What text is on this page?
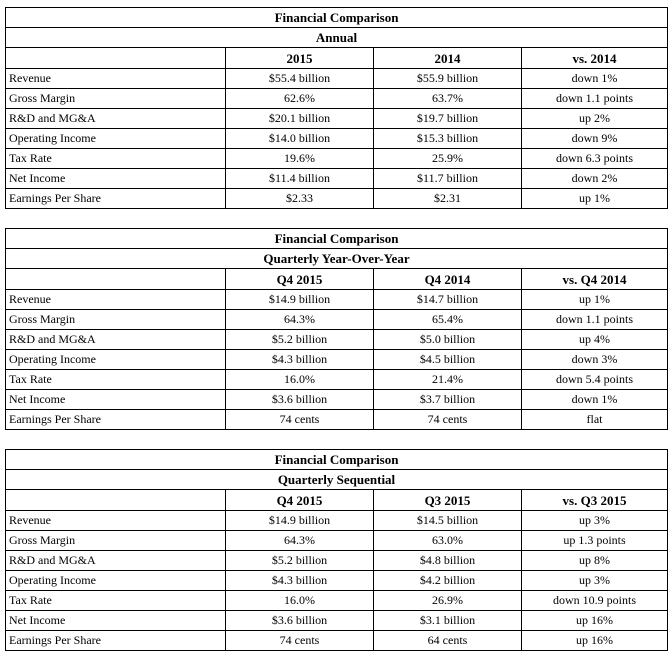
Financial Comparison			
Annual			
	2015	2014	vs. 2014
Revenue	$55.4 billion	$55.9 billion	down 1%
Gross Margin	62.6%	63.7%	down 1.1 points
R&D and MG&A	$20.1 billion	$19.7 billion	up 2%
Operating Income	$14.0 billion	$15.3 billion	down 9%
Tax Rate	19.6%	25.9%	down 6.3 points
Net Income	$11.4 billion	$11.7 billion	down 2%
Earnings Per Share	$2.33	$2.31	up 1%
Financial Comparison			
Quarterly Year-Over-Year			
	Q4 2015	Q4 2014	vs. Q4 2014
Revenue	$14.9 billion	$14.7 billion	up 1%
Gross Margin	64.3%	65.4%	down 1.1 points
R&D and MG&A	$5.2 billion	$5.0 billion	up 4%
Operating Income	$4.3 billion	$4.5 billion	down 3%
Tax Rate	16.0%	21.4%	down 5.4 points
Net Income	$3.6 billion	$3.7 billion	down 1%
Earnings Per Share	74 cents	74 cents	flat
Financial Comparison			
Quarterly Sequential			
	Q4 2015	Q3 2015	vs. Q3 2015
Revenue	$14.9 billion	$14.5 billion	up 3%
Gross Margin	64.3%	63.0%	up 1.3 points
R&D and MG&A	$5.2 billion	$4.8 billion	up 8%
Operating Income	$4.3 billion	$4.2 billion	up 3%
Tax Rate	16.0%	26.9%	down 10.9 points
Net Income	$3.6 billion	$3.1 billion	up 16%
Earnings Per Share	74 cents	64 cents	up 16%
